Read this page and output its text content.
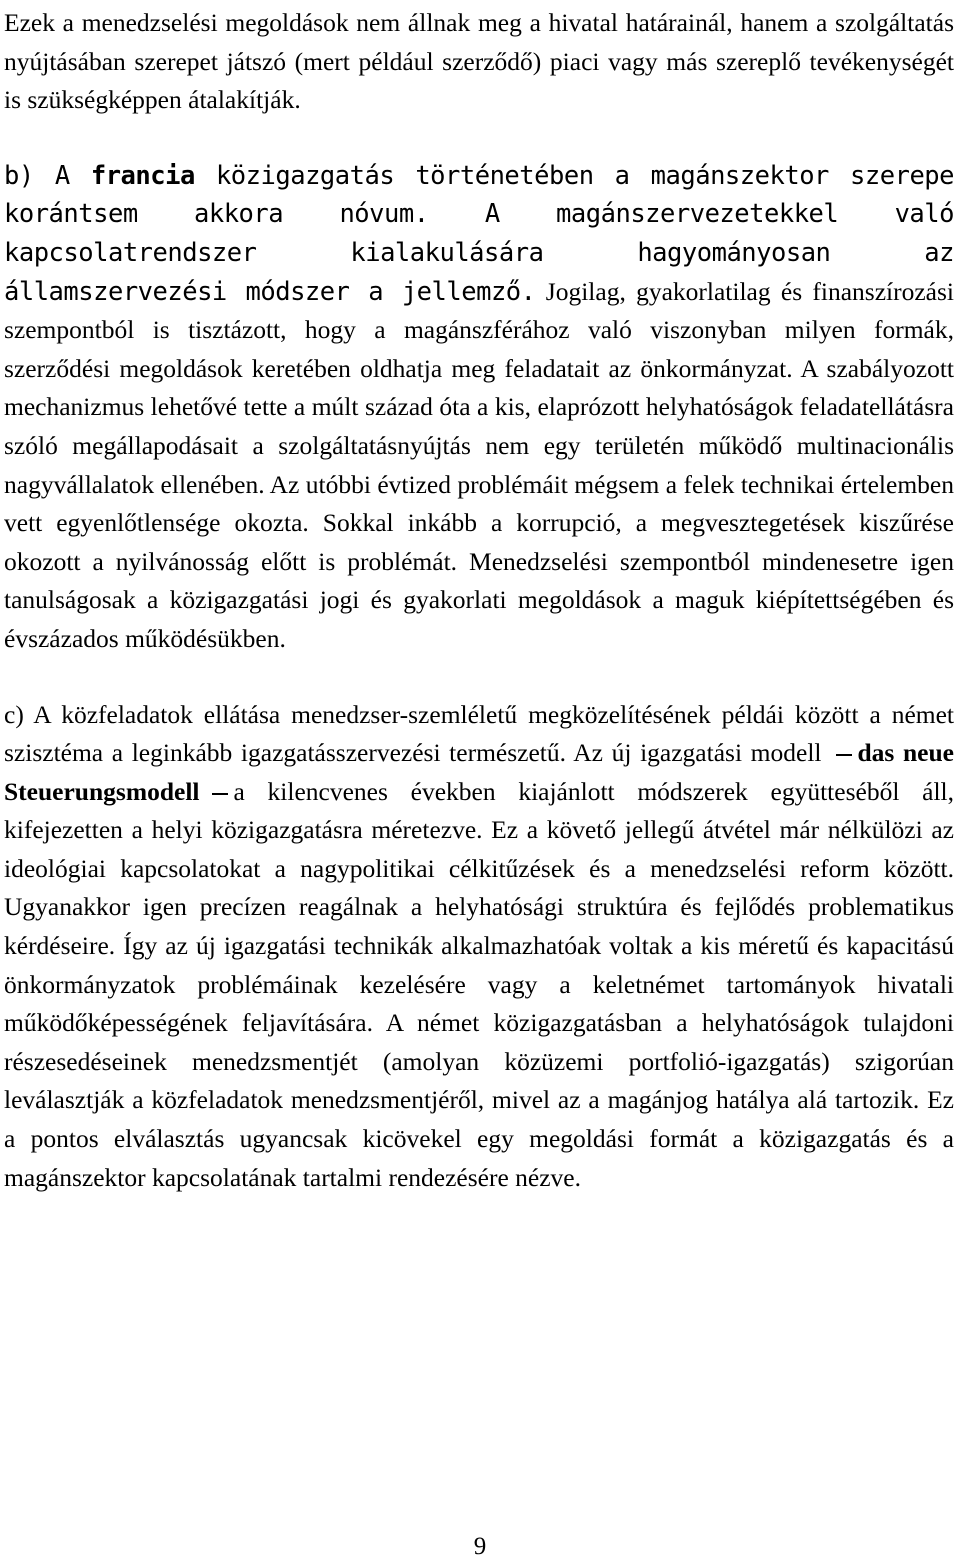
Ezek a menedzselési megoldások nem állnak meg a hivatal határainál, hanem a szolgáltatás nyújtásában szerepet játszó (mert például szerződő) piaci vagy más szereplő tevékenységét is szükségképpen átalakítják.

b) A francia közigazgatás történetében a magánszektor szerepe korántsem akkora nóvum. A magánszervezetekkel való kapcsolatrendszer kialakulására hagyományosan az államszervezési módszer a jellemző. Jogilag, gyakorlatilag és finanszírozási szempontból is tisztázott, hogy a magánszférához való viszonyban milyen formák, szerződési megoldások keretében oldhatja meg feladatait az önkormányzat. A szabályozott mechanizmus lehetővé tette a múlt század óta a kis, elaprózott helyhatóságok feladatellátásra szóló megállapodásait a szolgáltatásnyújtás nem egy területén működő multinacionális nagyvállalatok ellenében. Az utóbbi évtized problémáit mégsem a felek technikai értelemben vett egyenlőtlensége okozta. Sokkal inkább a korrupció, a megvesztegetések kiszűrése okozott a nyilvánosság előtt is problémát. Menedzselési szempontból mindenesetre igen tanulságosak a közigazgatási jogi és gyakorlati megoldások a maguk kiépítettségében és évszázados működésükben.

c) A közfeladatok ellátása menedzser-szemléletű megközelítésének példái között a német szisztéma a leginkább igazgatásszervezési természetű. Az új igazgatási modell das neue Steuerungsmodell a kilencvenes években kiajánlott módszerek együtteséből áll, kifejezetten a helyi közigazgatásra méretezve. Ez a követő jellegű átvétel már nélkülözi az ideológiai kapcsolatokat a nagypolitikai célkitűzések és a menedzselési reform között. Ugyanakkor igen precízen reagálnak a helyhatósági struktúra és fejlődés problematikus kérdéseire. Így az új igazgatási technikák alkalmazhatóak voltak a kis méretű és kapacitású önkormányzatok problémáinak kezelésére vagy a keletnémet tartományok hivatali működőképességének feljavítására. A német közigazgatásban a helyhatóságok tulajdoni részesedéseinek menedzsmentjét (amolyan közüzemi portfolió-igazgatás) szigorúan leválasztják a közfeladatok menedzsmentjéről, mivel az a magánjog hatálya alá tartozik. Ez a pontos elválasztás ugyancsak kicövekel egy megoldási formát a közigazgatás és a magánszektor kapcsolatának tartalmi rendezésére nézve.

9
